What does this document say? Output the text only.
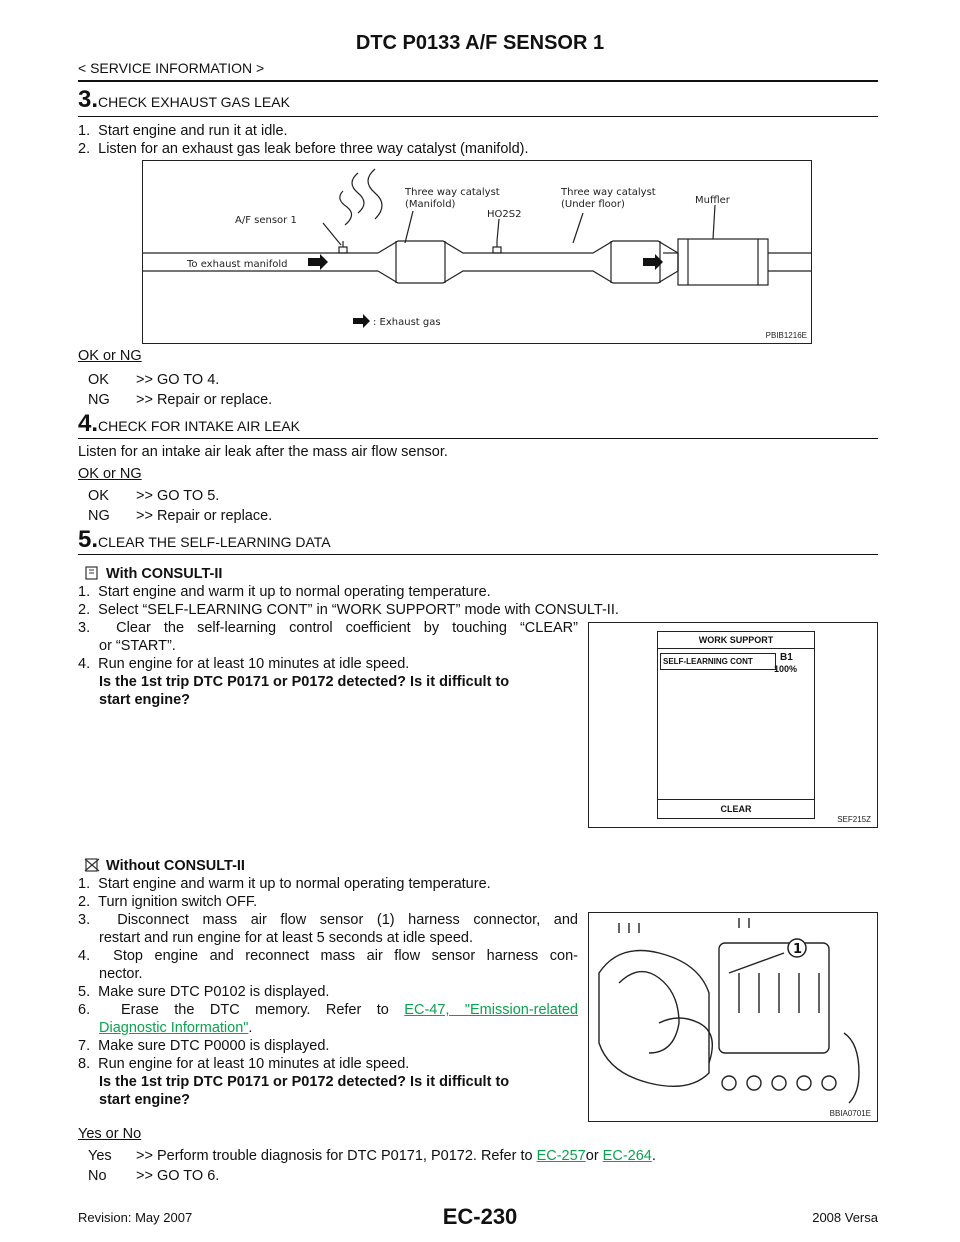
DTC P0133 A/F SENSOR 1
< SERVICE INFORMATION >
3.CHECK EXHAUST GAS LEAK
1.  Start engine and run it at idle.
2.  Listen for an exhaust gas leak before three way catalyst (manifold).
A/F sensor 1
Three way catalyst
(Manifold)
HO2S2
Three way catalyst
(Under floor)	Muffler
To exhaust manifold
: Exhaust gas
PBIB1216E
OK or NG
OK >> GO TO 4.
NG >> Repair or replace.
4.CHECK FOR INTAKE AIR LEAK
Listen for an intake air leak after the mass air flow sensor.
OK or NG
OK >> GO TO 5.
NG >> Repair or replace.
5.CLEAR THE SELF-LEARNING DATA
With CONSULT-II
1.  Start engine and warm it up to normal operating temperature.
2.  Select “SELF-LEARNING CONT” in “WORK SUPPORT” mode with CONSULT-II.
3.  Clear the self-learning control coefficient by touching “CLEAR”
or “START”.
4.  Run engine for at least 10 minutes at idle speed.
Is the 1st trip DTC P0171 or P0172 detected? Is it difficult to
start engine?
WORK SUPPORT
SELF-LEARNING CONT	B1
100%
CLEAR
SEF215Z
Without CONSULT-II
1.  Start engine and warm it up to normal operating temperature.
2.  Turn ignition switch OFF.
3.  Disconnect mass air flow sensor (1) harness connector, and
restart and run engine for at least 5 seconds at idle speed.
4.  Stop engine and reconnect mass air flow sensor harness con-
nector.
5.  Make sure DTC P0102 is displayed.
6.  Erase the DTC memory. Refer to EC-47, "Emission-related
Diagnostic Information".
7.  Make sure DTC P0000 is displayed.
8.  Run engine for at least 10 minutes at idle speed.
Is the 1st trip DTC P0171 or P0172 detected? Is it difficult to
start engine?
1
BBIA0701E
Yes or No
Yes >> Perform trouble diagnosis for DTC P0171, P0172. Refer to EC-257or EC-264.
No >> GO TO 6.
Revision: May 2007	EC-230	2008 Versa
